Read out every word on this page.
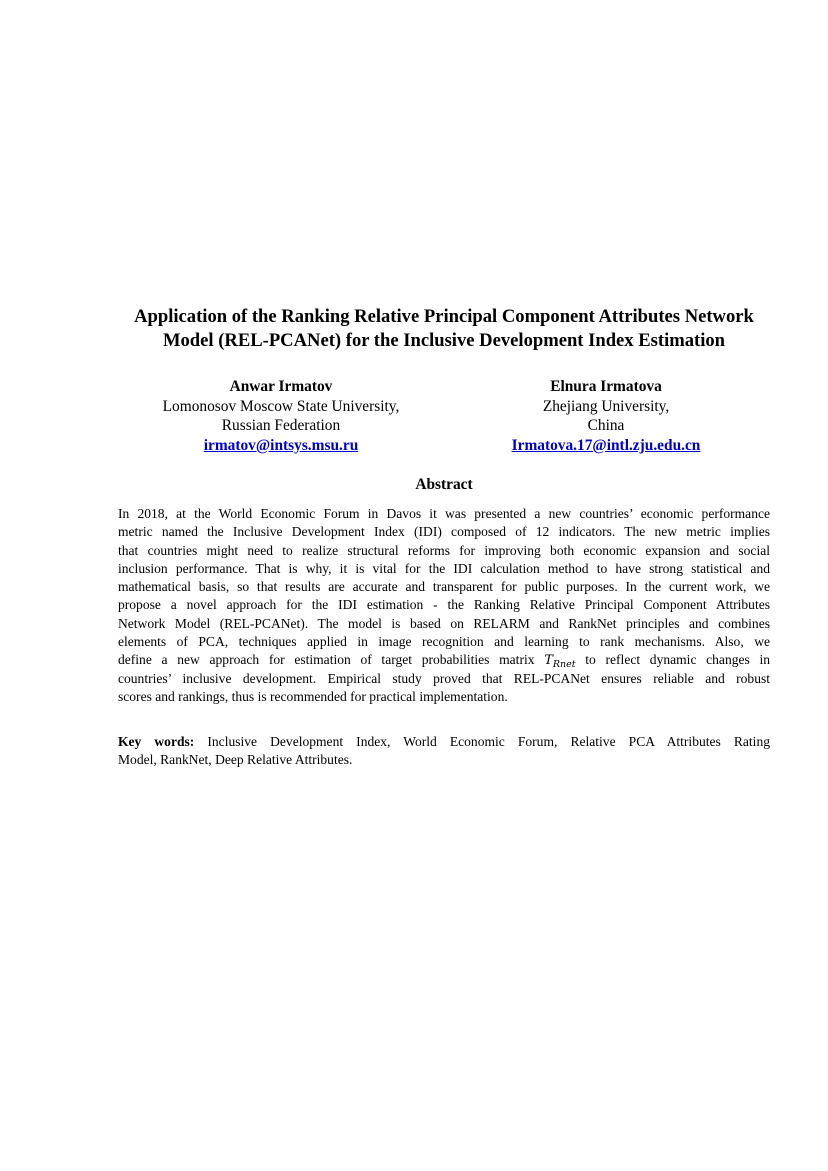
Application of the Ranking Relative Principal Component Attributes Network
Model (REL-PCANet) for the Inclusive Development Index Estimation
Anwar Irmatov
Lomonosov Moscow State University,
Russian Federation
irmatov@intsys.msu.ru
Elnura Irmatova
Zhejiang University,
China
Irmatova.17@intl.zju.edu.cn
Abstract
In 2018, at the World Economic Forum in Davos it was presented a new countries’ economic performance
metric named the Inclusive Development Index (IDI) composed of 12 indicators. The new metric implies
that countries might need to realize structural reforms for improving both economic expansion and social
inclusion performance. That is why, it is vital for the IDI calculation method to have strong statistical and
mathematical basis, so that results are accurate and transparent for public purposes. In the current work, we
propose a novel approach for the IDI estimation - the Ranking Relative Principal Component Attributes
Network Model (REL-PCANet). The model is based on RELARM and RankNet principles and combines
elements of PCA, techniques applied in image recognition and learning to rank mechanisms. Also, we
define a new approach for estimation of target probabilities matrix $T_{Rnet}$ to reflect dynamic changes in
countries’ inclusive development. Empirical study proved that REL-PCANet ensures reliable and robust
scores and rankings, thus is recommended for practical implementation.
Key words: Inclusive Development Index, World Economic Forum, Relative PCA Attributes Rating
Model, RankNet, Deep Relative Attributes.
